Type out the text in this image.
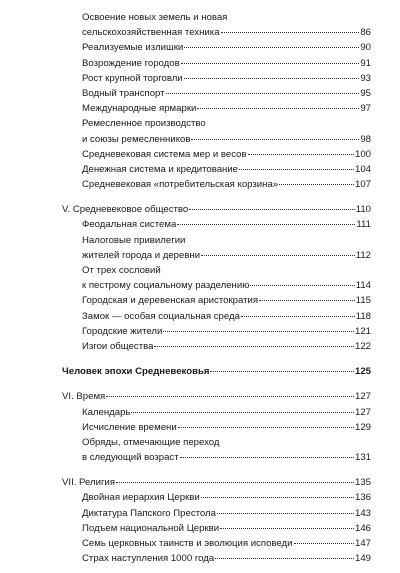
Освоение новых земель и новая
сельскохозяйственная техника	86
Реализуемые излишки	90
Возрождение городов	91
Рост крупной торговли	93
Водный транспорт	95
Международные ярмарки	97
Ремесленное производство
и союзы ремесленников	98
Средневековая система мер и весов	100
Денежная система и кредитование	104
Средневековая «потребительская корзина»	107
V. Средневековое общество	110
Феодальная система	111
Налоговые привилегии
жителей города и деревни	112
От трех сословий
к пестрому социальному разделению	114
Городская и деревенская аристократия	115
Замок — особая социальная среда	118
Городские жители	121
Изгои общества	122
Человек эпохи Средневековья	125
VI. Время	127
Календарь	127
Исчисление времени	129
Обряды, отмечающие переход
в следующий возраст	131
VII. Религия	135
Двойная иерархия Церкви	136
Диктатура Папского Престола	143
Подъем национальной Церкви	146
Семь церковных таинств и эволюция исповеди	147
Страх наступления 1000 года	149
